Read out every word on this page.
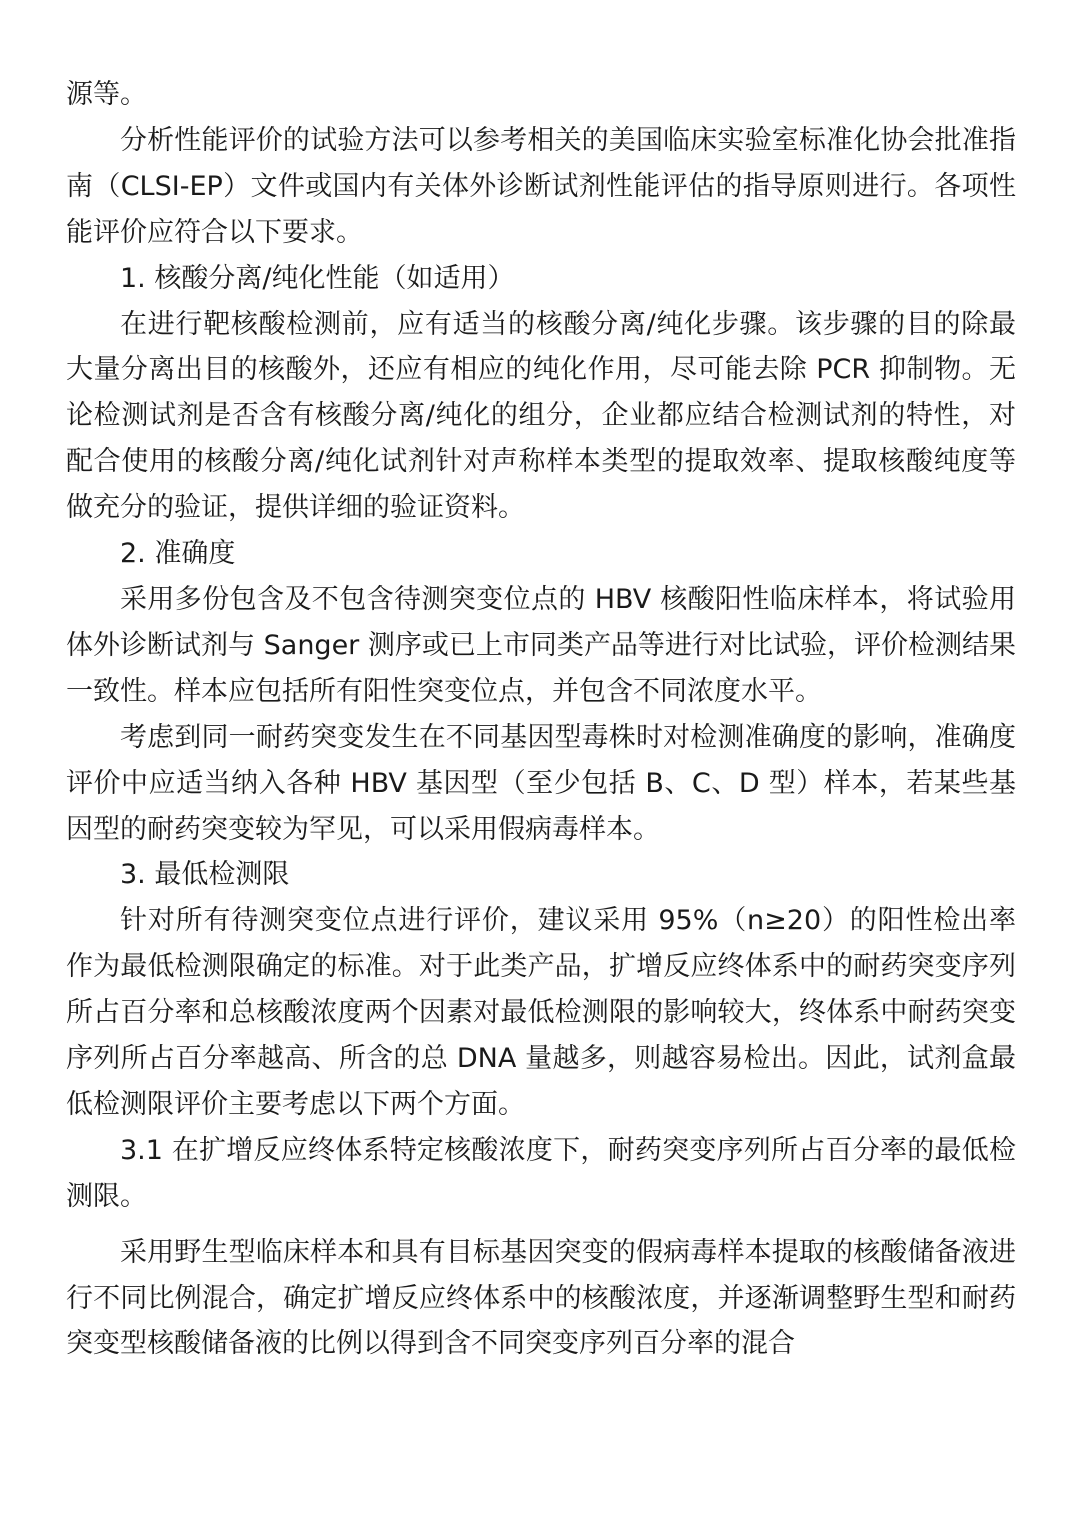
源等。

分析性能评价的试验方法可以参考相关的美国临床实验室标准化协会批准指南（CLSI-EP）文件或国内有关体外诊断试剂性能评估的指导原则进行。各项性能评价应符合以下要求。

1. 核酸分离/纯化性能（如适用）

在进行靶核酸检测前，应有适当的核酸分离/纯化步骤。该步骤的目的除最大量分离出目的核酸外，还应有相应的纯化作用，尽可能去除 PCR 抑制物。无论检测试剂是否含有核酸分离/纯化的组分，企业都应结合检测试剂的特性，对配合使用的核酸分离/纯化试剂针对声称样本类型的提取效率、提取核酸纯度等做充分的验证，提供详细的验证资料。

2. 准确度

采用多份包含及不包含待测突变位点的 HBV 核酸阳性临床样本，将试验用体外诊断试剂与 Sanger 测序或已上市同类产品等进行对比试验，评价检测结果一致性。样本应包括所有阳性突变位点，并包含不同浓度水平。

考虑到同一耐药突变发生在不同基因型毒株时对检测准确度的影响，准确度评价中应适当纳入各种 HBV 基因型（至少包括 B、C、D 型）样本，若某些基因型的耐药突变较为罕见，可以采用假病毒样本。

3. 最低检测限

针对所有待测突变位点进行评价，建议采用 95%（n≥20）的阳性检出率作为最低检测限确定的标准。对于此类产品，扩增反应终体系中的耐药突变序列所占百分率和总核酸浓度两个因素对最低检测限的影响较大，终体系中耐药突变序列所占百分率越高、所含的总 DNA 量越多，则越容易检出。因此，试剂盒最低检测限评价主要考虑以下两个方面。

3.1 在扩增反应终体系特定核酸浓度下，耐药突变序列所占百分率的最低检测限。

采用野生型临床样本和具有目标基因突变的假病毒样本提取的核酸储备液进行不同比例混合，确定扩增反应终体系中的核酸浓度，并逐渐调整野生型和耐药突变型核酸储备液的比例以得到含不同突变序列百分率的混合
